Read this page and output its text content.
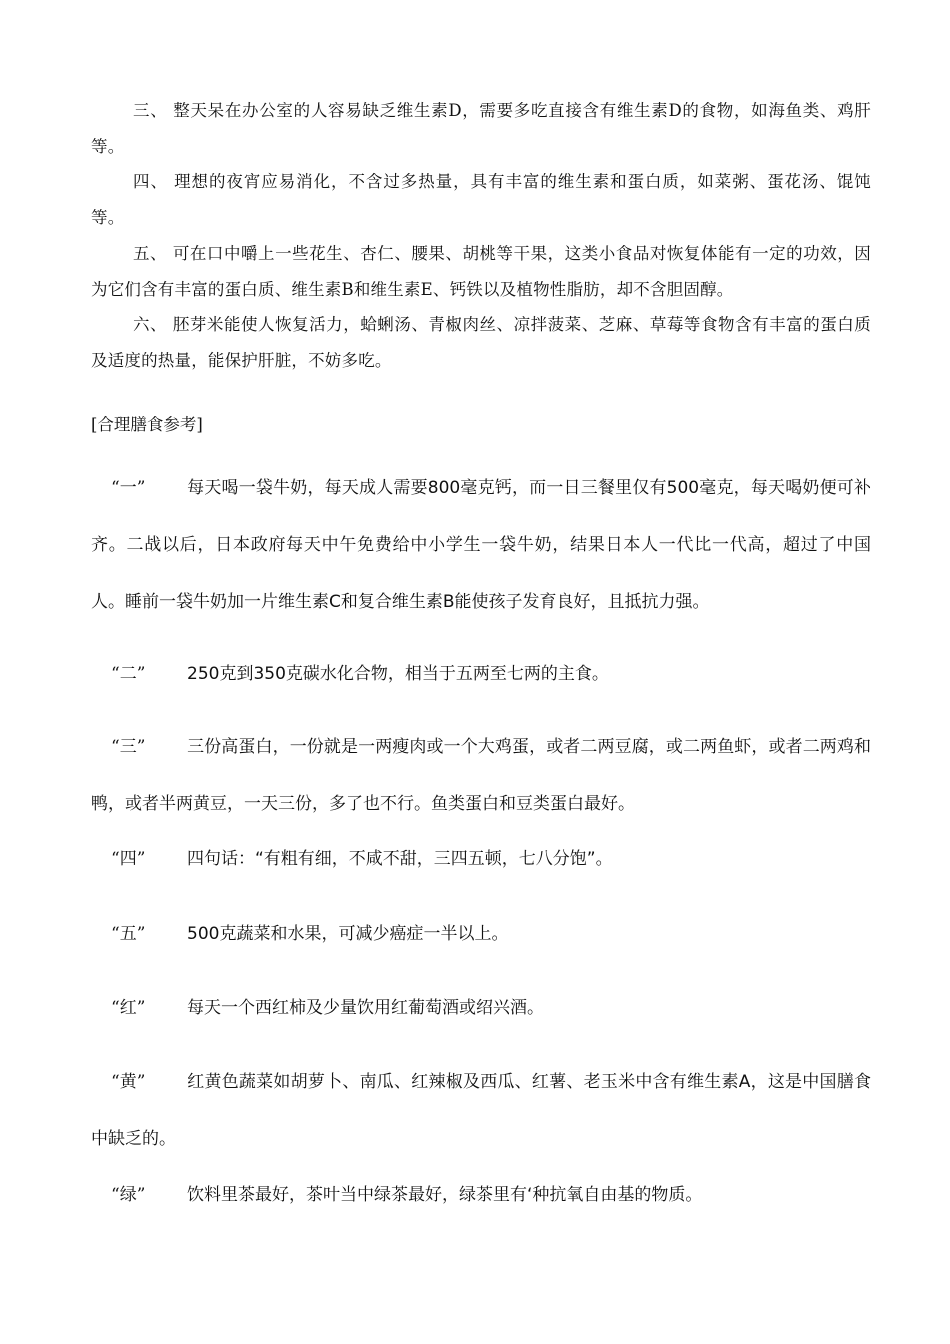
三、 整天呆在办公室的人容易缺乏维生素D，需要多吃直接含有维生素D的食物，如海鱼类、鸡肝等。

四、 理想的夜宵应易消化，不含过多热量，具有丰富的维生素和蛋白质，如菜粥、蛋花汤、馄饨等。

五、 可在口中嚼上一些花生、杏仁、腰果、胡桃等干果，这类小食品对恢复体能有一定的功效，因为它们含有丰富的蛋白质、维生素B和维生素E、钙铁以及植物性脂肪，却不含胆固醇。

六、 胚芽米能使人恢复活力，蛤蜊汤、青椒肉丝、凉拌菠菜、芝麻、草莓等食物含有丰富的蛋白质及适度的热量，能保护肝脏，不妨多吃。

[合理膳食参考]
“一” 每天喝一袋牛奶，每天成人需要800毫克钙，而一日三餐里仅有500毫克，每天喝奶便可补齐。二战以后，日本政府每天中午免费给中小学生一袋牛奶，结果日本人一代比一代高，超过了中国人。睡前一袋牛奶加一片维生素C和复合维生素B能使孩子发育良好，且抵抗力强。
“二” 250克到350克碳水化合物，相当于五两至七两的主食。
“三” 三份高蛋白，一份就是一两瘦肉或一个大鸡蛋，或者二两豆腐，或二两鱼虾，或者二两鸡和鸭，或者半两黄豆，一天三份，多了也不行。鱼类蛋白和豆类蛋白最好。
“四” 四句话：“有粗有细，不咸不甜，三四五顿，七八分饱”。
“五” 500克蔬菜和水果，可减少癌症一半以上。
“红” 每天一个西红柿及少量饮用红葡萄酒或绍兴酒。
“黄” 红黄色蔬菜如胡萝卜、南瓜、红辣椒及西瓜、红薯、老玉米中含有维生素A，这是中国膳食中缺乏的。
“绿” 饮料里茶最好，茶叶当中绿茶最好，绿茶里有‘种抗氧自由基的物质。
